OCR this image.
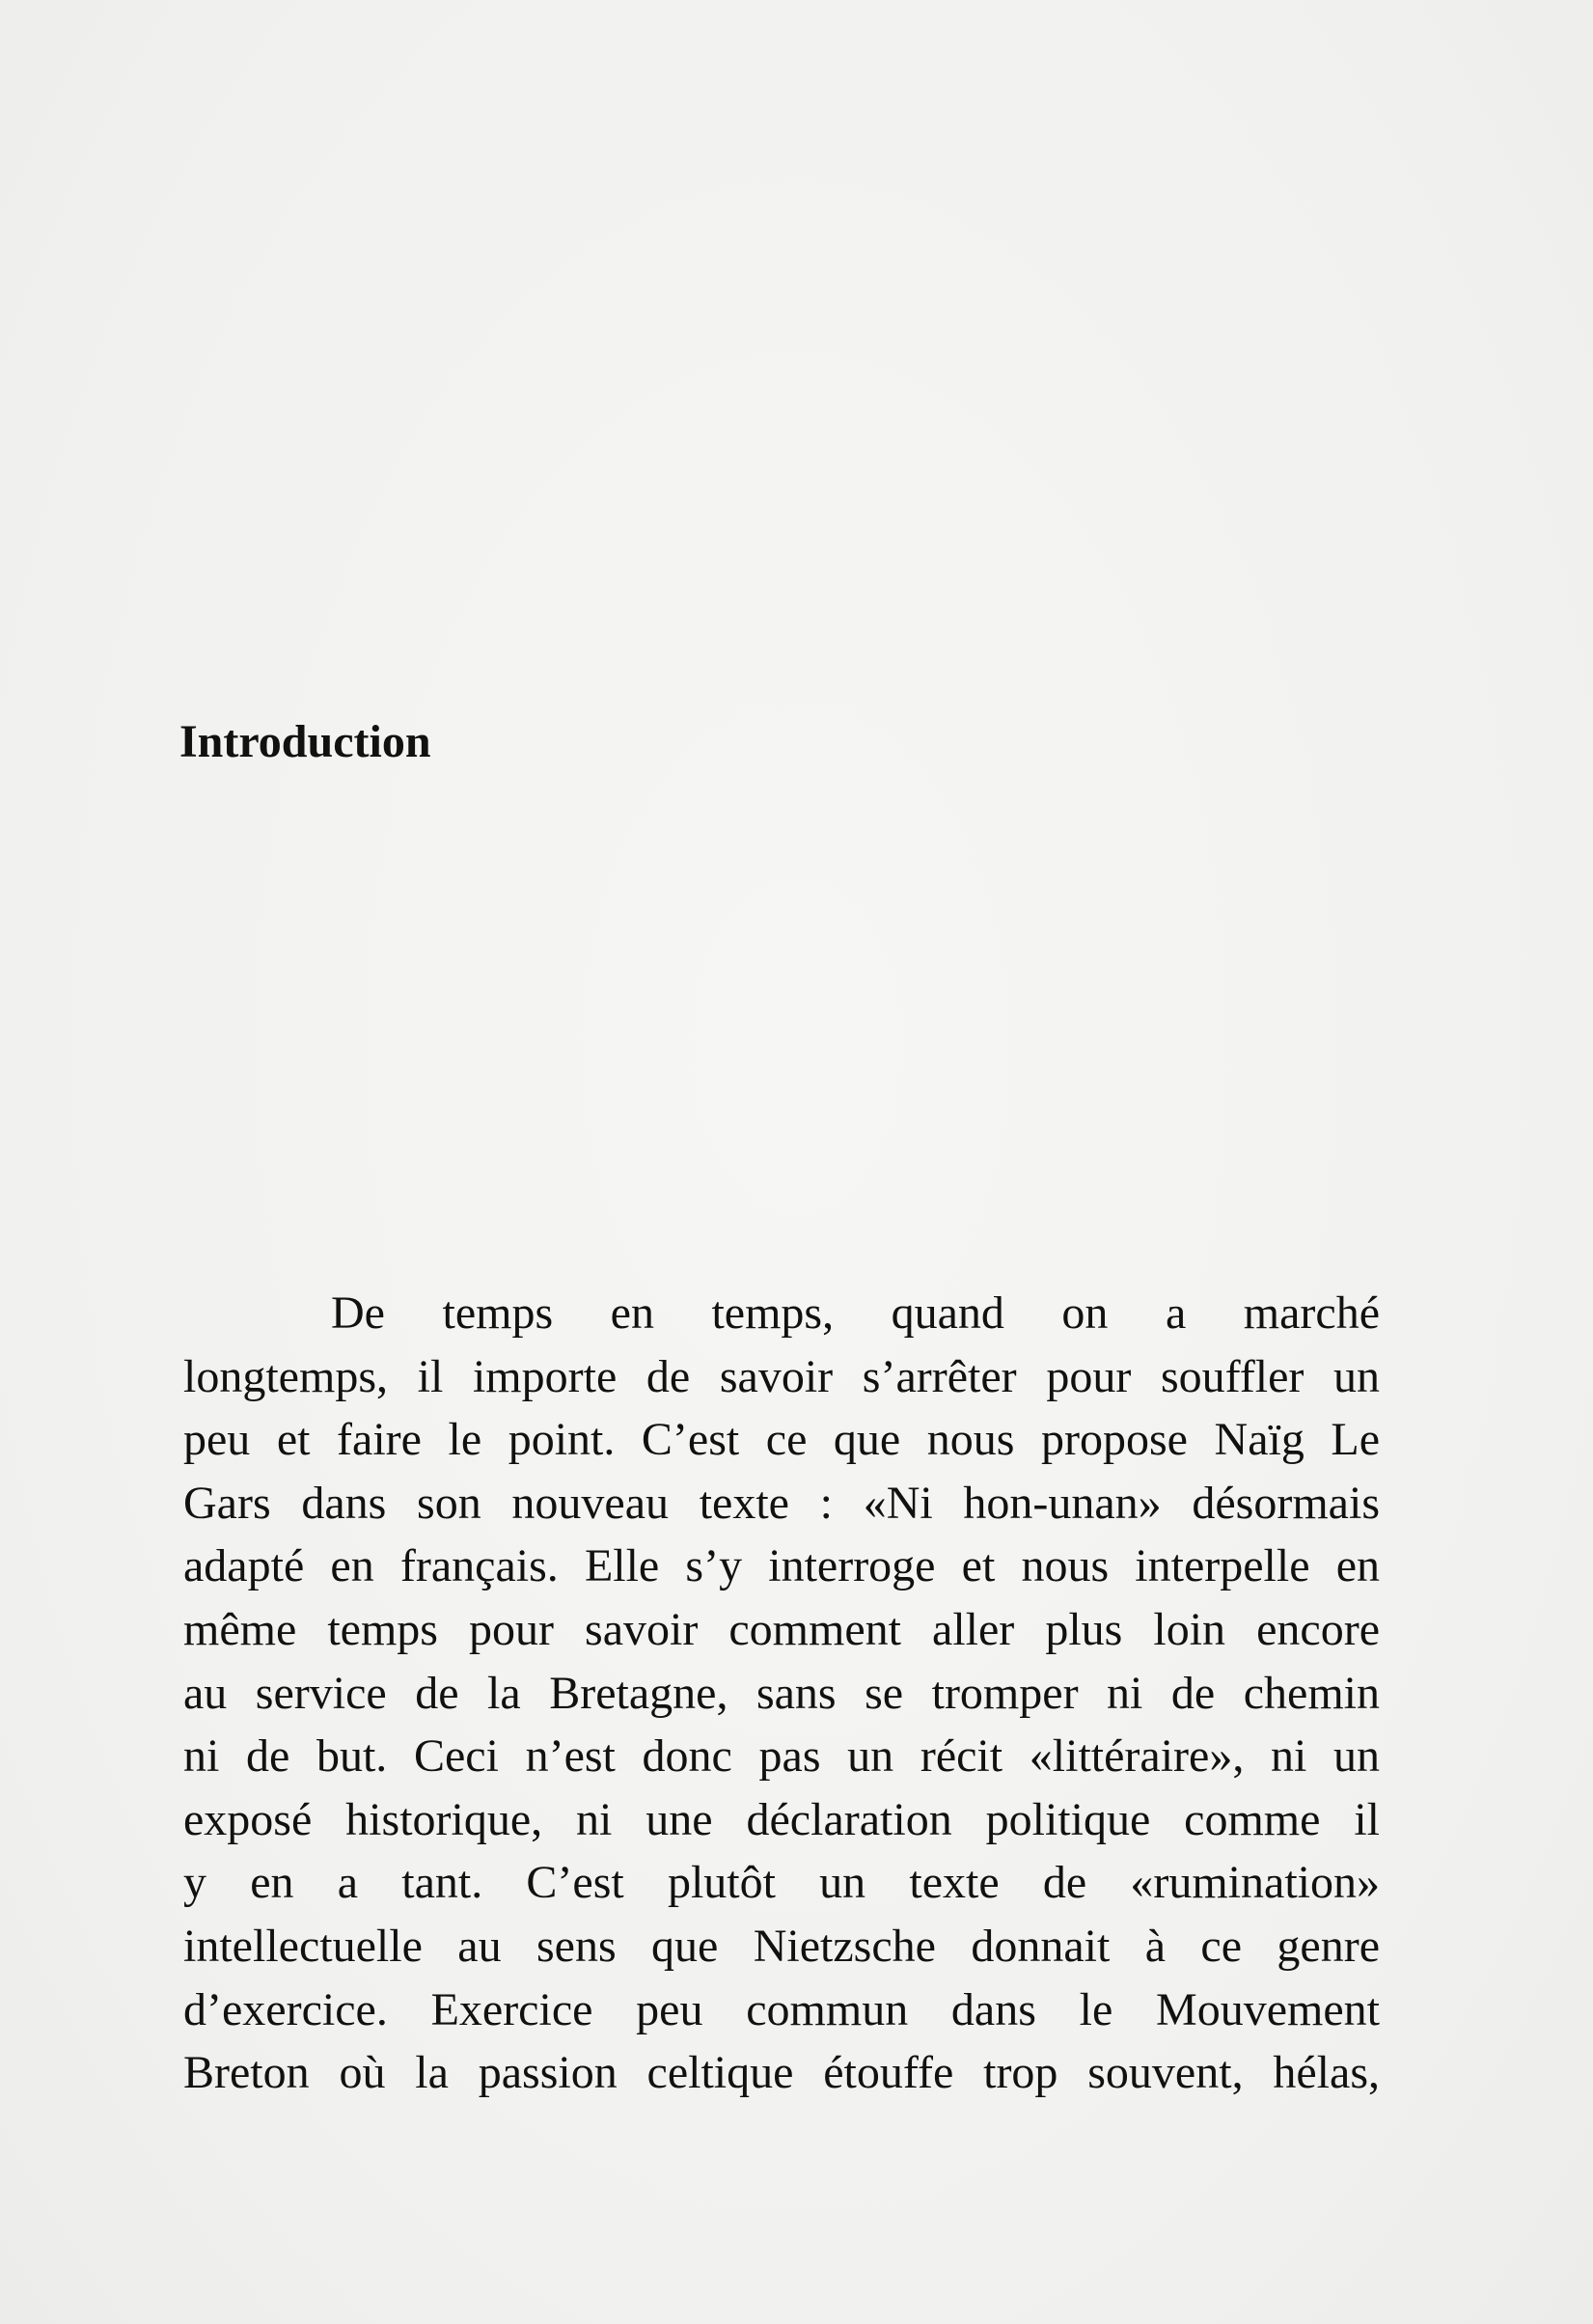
Introduction
De temps en temps, quand on a marché
longtemps, il importe de savoir s’arrêter pour souffler un
peu et faire le point. C’est ce que nous propose Naïg Le
Gars dans son nouveau texte : «Ni hon-unan» désormais
adapté en français. Elle s’y interroge et nous interpelle en
même temps pour savoir comment aller plus loin encore
au service de la Bretagne, sans se tromper ni de chemin
ni de but. Ceci n’est donc pas un récit «littéraire», ni un
exposé historique, ni une déclaration politique comme il
y en a tant. C’est plutôt un texte de «rumination»
intellectuelle au sens que Nietzsche donnait à ce genre
d’exercice. Exercice peu commun dans le Mouvement
Breton où la passion celtique étouffe trop souvent, hélas,
